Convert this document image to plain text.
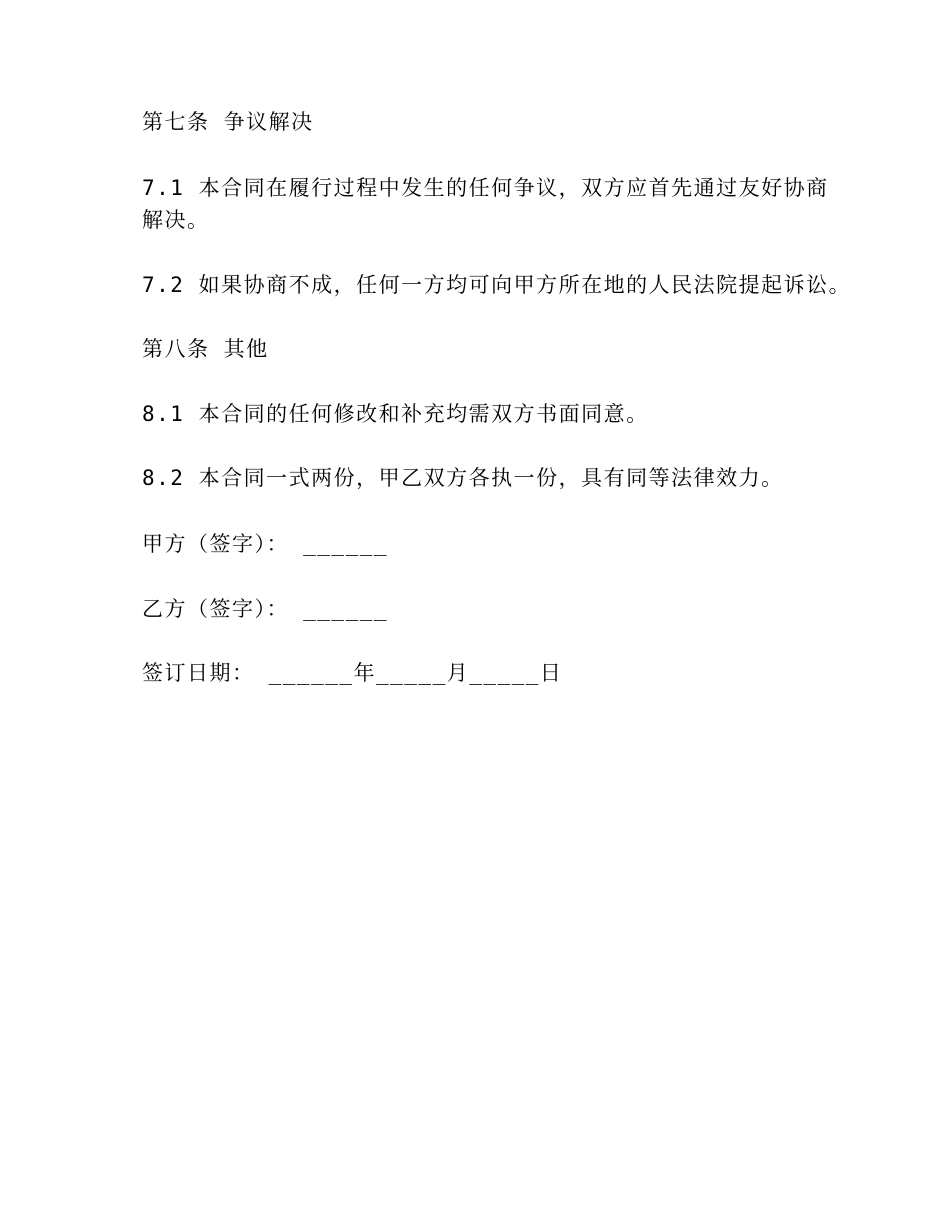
第七条 争议解决

7.1 本合同在履行过程中发生的任何争议，双方应首先通过友好协商

解决。

7.2 如果协商不成，任何一方均可向甲方所在地的人民法院提起诉讼。

第八条 其他

8.1 本合同的任何修改和补充均需双方书面同意。

8.2 本合同一式两份，甲乙双方各执一份，具有同等法律效力。

甲方（签字）： ______

乙方（签字）： ______

签订日期： ______年_____月_____日
